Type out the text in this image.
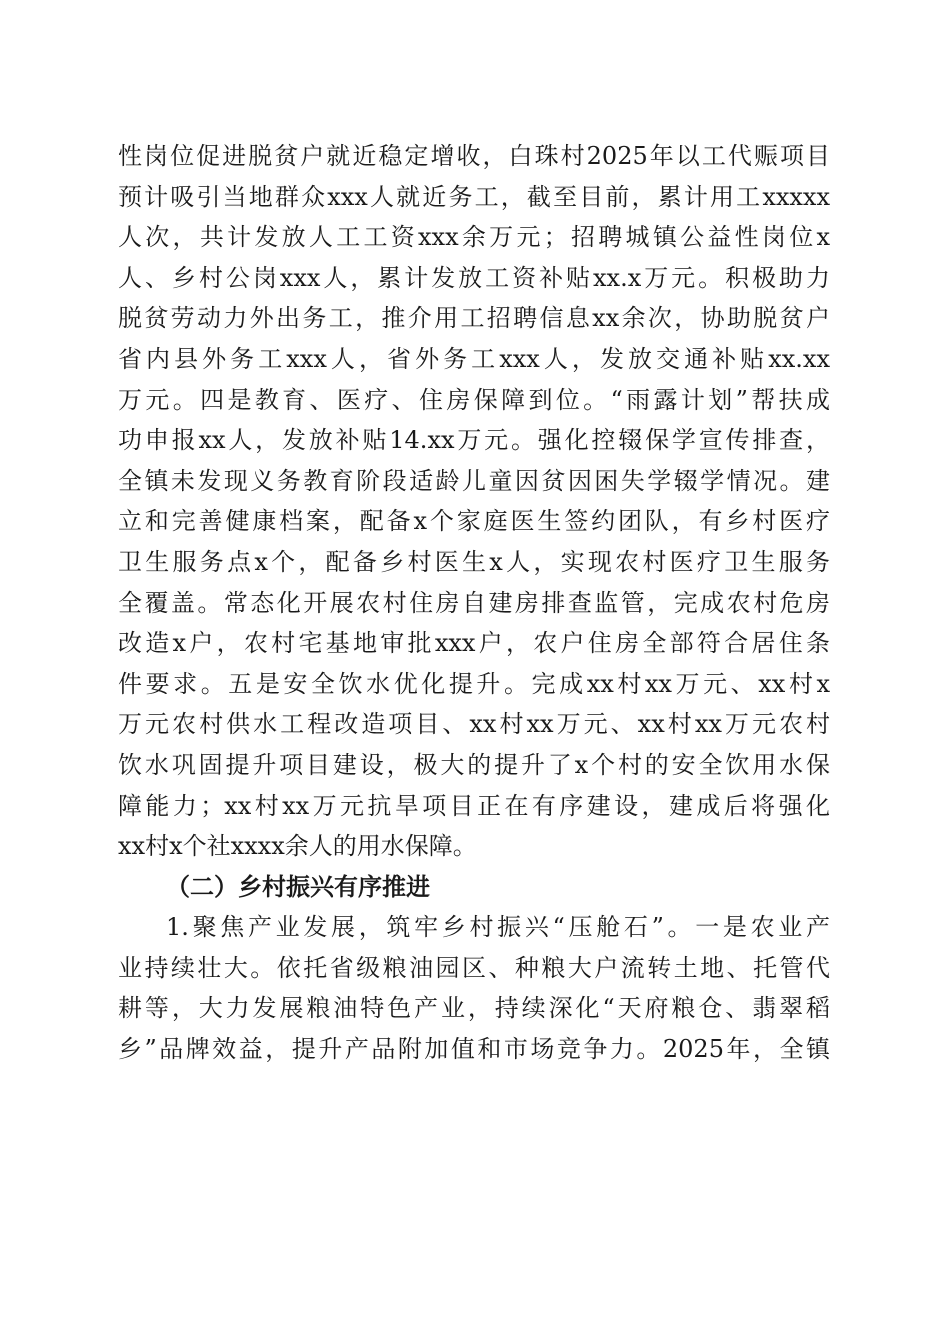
性岗位促进脱贫户就近稳定增收，白珠村2025年以工代赈项目
预计吸引当地群众xxx人就近务工，截至目前，累计用工xxxxx
人次，共计发放人工工资xxx余万元；招聘城镇公益性岗位x
人、乡村公岗xxx人，累计发放工资补贴xx.x万元。积极助力
脱贫劳动力外出务工，推介用工招聘信息xx余次，协助脱贫户
省内县外务工xxx人，省外务工xxx人，发放交通补贴xx.xx
万元。四是教育、医疗、住房保障到位。“雨露计划”帮扶成
功申报xx人，发放补贴14.xx万元。强化控辍保学宣传排查，
全镇未发现义务教育阶段适龄儿童因贫因困失学辍学情况。建
立和完善健康档案，配备x个家庭医生签约团队，有乡村医疗
卫生服务点x个，配备乡村医生x人，实现农村医疗卫生服务
全覆盖。常态化开展农村住房自建房排查监管，完成农村危房
改造x户，农村宅基地审批xxx户，农户住房全部符合居住条
件要求。五是安全饮水优化提升。完成xx村xx万元、xx村x
万元农村供水工程改造项目、xx村xx万元、xx村xx万元农村
饮水巩固提升项目建设，极大的提升了x个村的安全饮用水保
障能力；xx村xx万元抗旱项目正在有序建设，建成后将强化
xx村x个社xxxx余人的用水保障。
（二）乡村振兴有序推进
1.聚焦产业发展，筑牢乡村振兴“压舱石”。一是农业产
业持续壮大。依托省级粮油园区、种粮大户流转土地、托管代
耕等，大力发展粮油特色产业，持续深化“天府粮仓、翡翠稻
乡”品牌效益，提升产品附加值和市场竞争力。2025年，全镇
